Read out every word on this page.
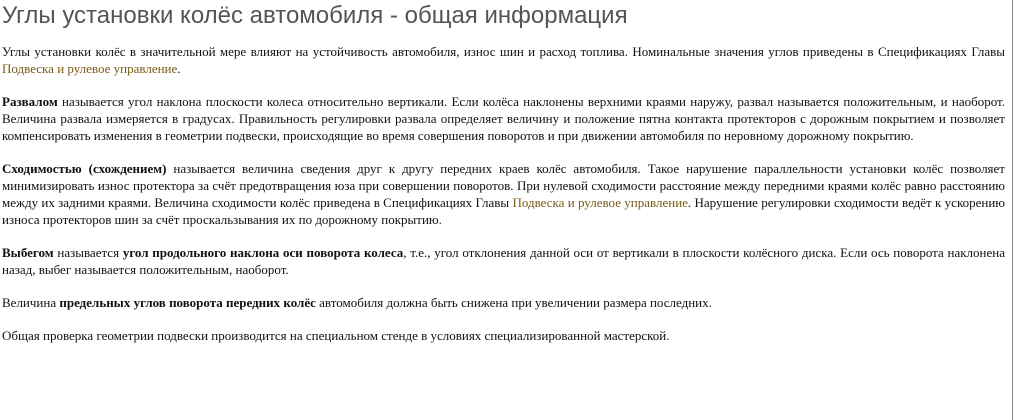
Углы установки колёс автомобиля - общая информация

Углы установки колёс в значительной мере влияют на устойчивость автомобиля, износ шин и расход топлива. Номинальные значения углов приведены в Спецификациях Главы Подвеска и рулевое управление.

Развалом называется угол наклона плоскости колеса относительно вертикали. Если колёса наклонены верхними краями наружу, развал называется положительным, и наоборот. Величина развала измеряется в градусах. Правильность регулировки развала определяет величину и положение пятна контакта протекторов с дорожным покрытием и позволяет компенсировать изменения в геометрии подвески, происходящие во время совершения поворотов и при движении автомобиля по неровному дорожному покрытию.

Сходимостью (схождением) называется величина сведения друг к другу передних краев колёс автомобиля. Такое нарушение параллельности установки колёс позволяет минимизировать износ протектора за счёт предотвращения юза при совершении поворотов. При нулевой сходимости расстояние между передними краями колёс равно расстоянию между их задними краями. Величина сходимости колёс приведена в Спецификациях Главы Подвеска и рулевое управление. Нарушение регулировки сходимости ведёт к ускорению износа протекторов шин за счёт проскальзывания их по дорожному покрытию.

Выбегом называется угол продольного наклона оси поворота колеса, т.е., угол отклонения данной оси от вертикали в плоскости колёсного диска. Если ось поворота наклонена назад, выбег называется положительным, наоборот.

Величина предельных углов поворота передних колёс автомобиля должна быть снижена при увеличении размера последних.

Общая проверка геометрии подвески производится на специальном стенде в условиях специализированной мастерской.
